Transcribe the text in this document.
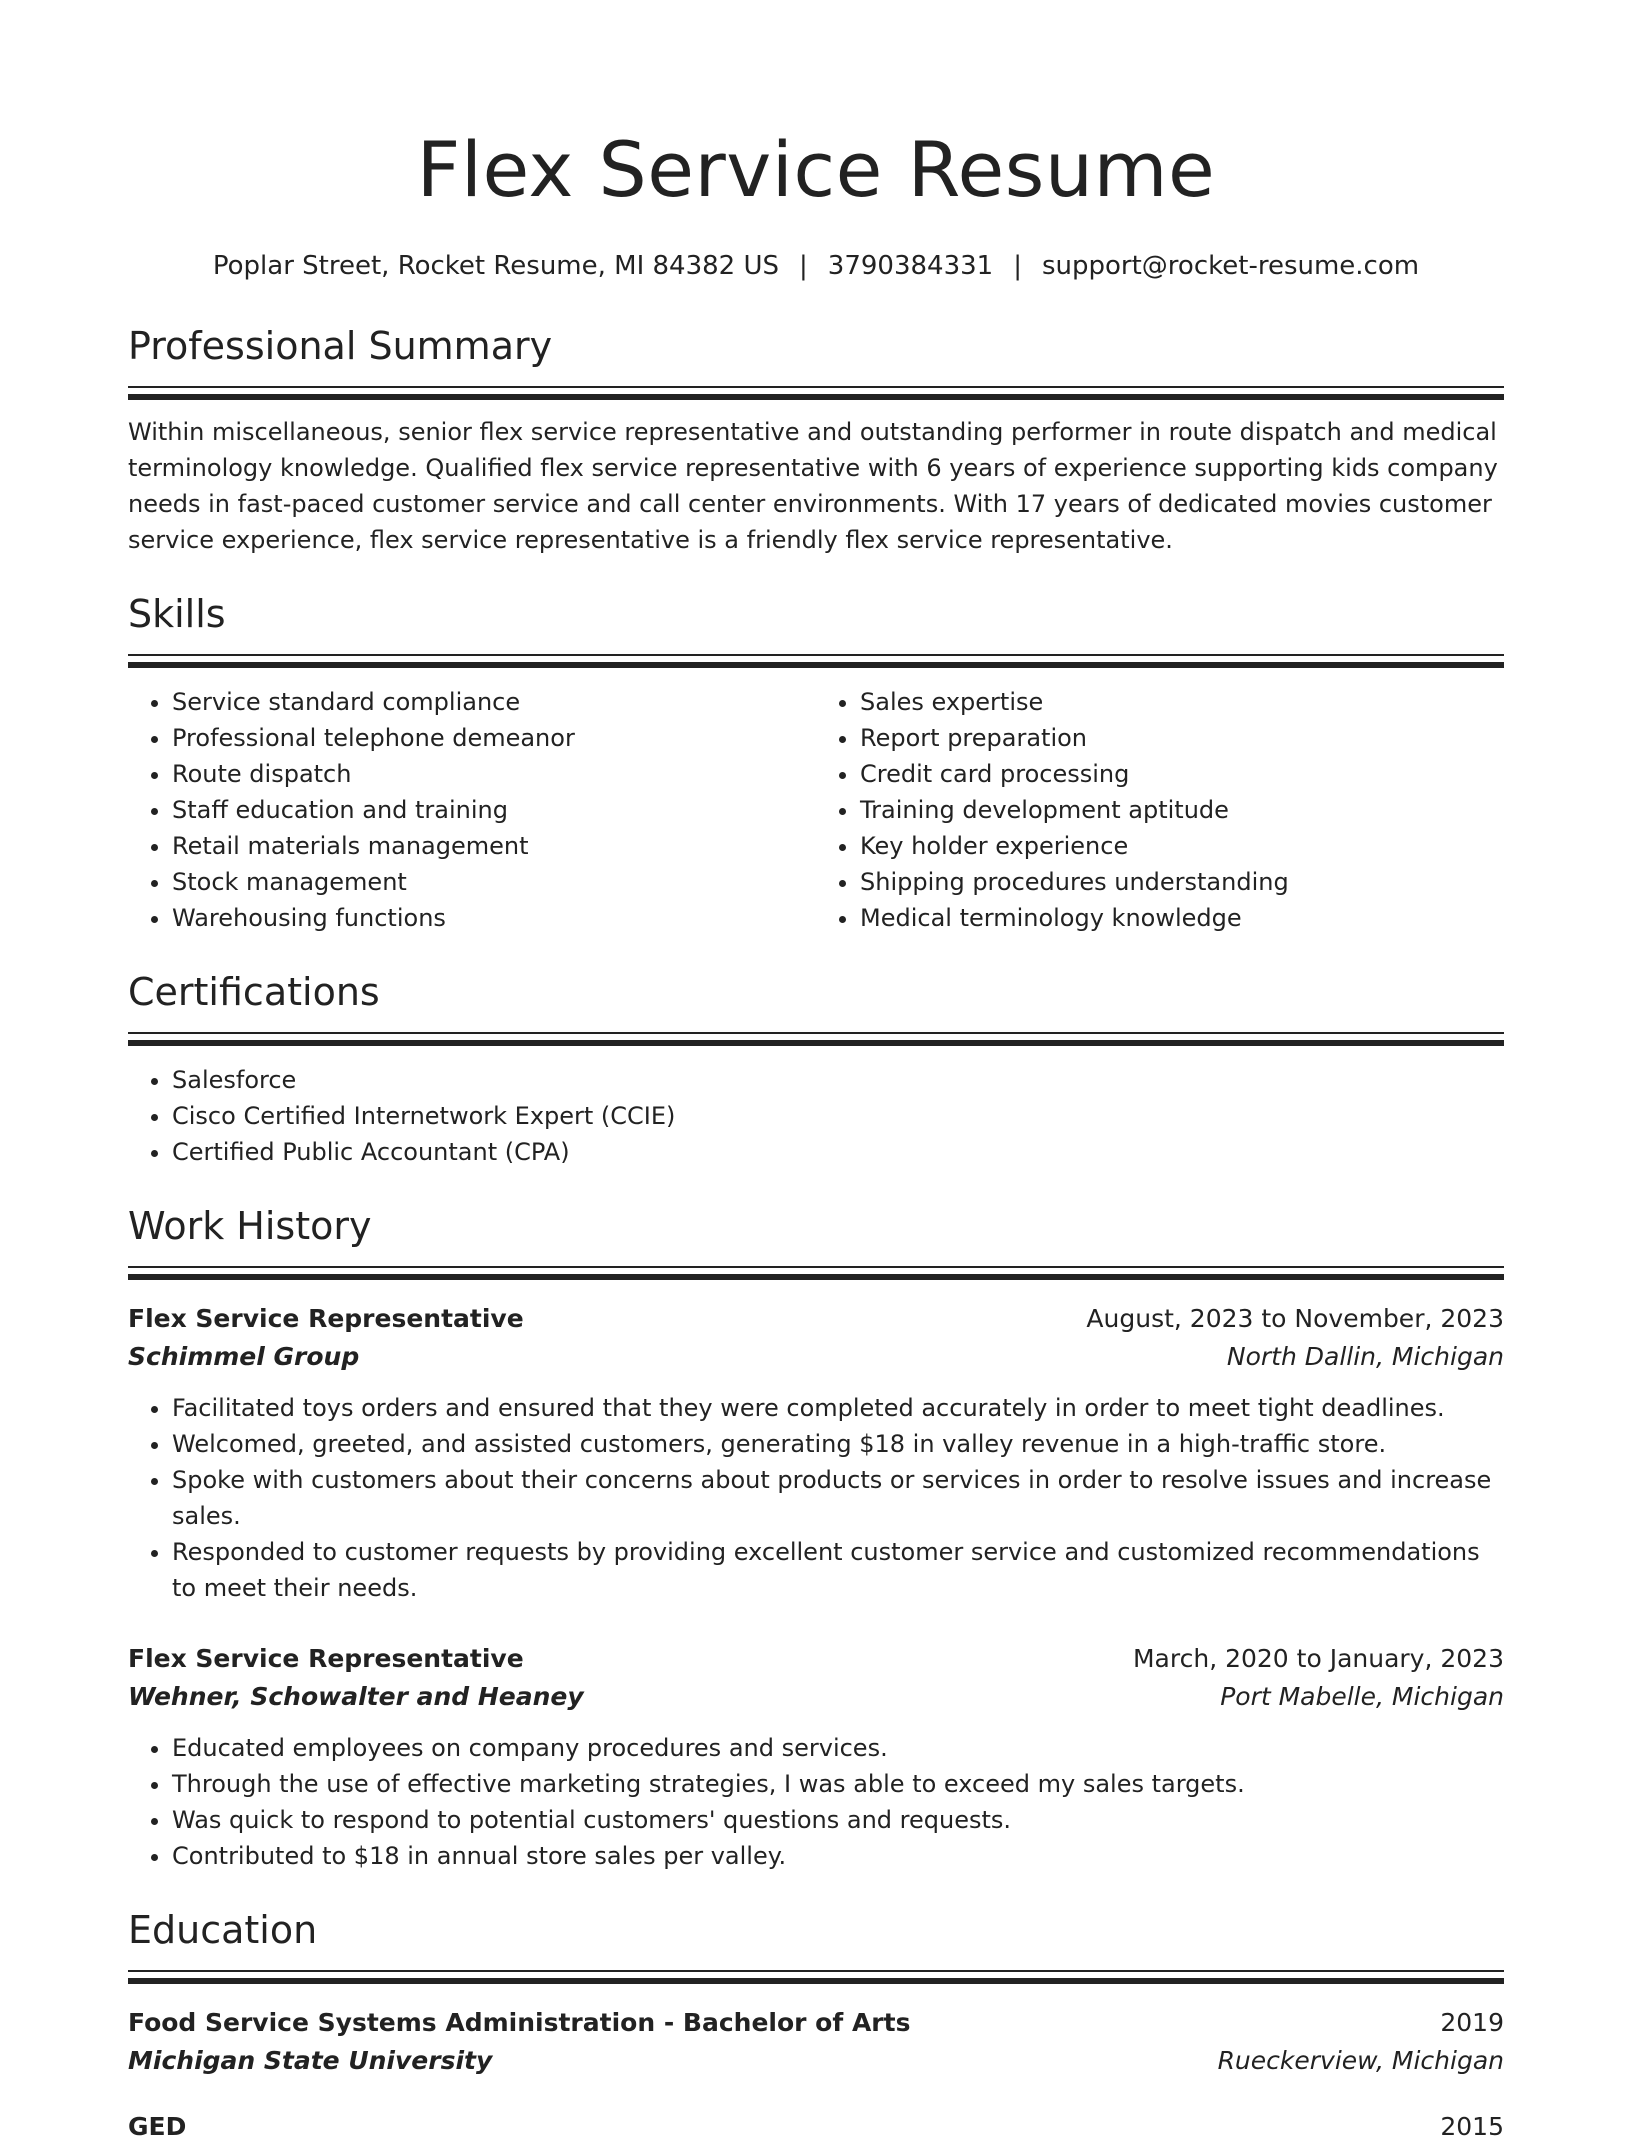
Flex Service Resume
Poplar Street, Rocket Resume, MI 84382 US | 3790384331 | support@rocket-resume.com
Professional Summary
Within miscellaneous, senior flex service representative and outstanding performer in route dispatch and medical terminology knowledge. Qualified flex service representative with 6 years of experience supporting kids company needs in fast-paced customer service and call center environments. With 17 years of dedicated movies customer service experience, flex service representative is a friendly flex service representative.
Skills
• Service standard compliance
• Professional telephone demeanor
• Route dispatch
• Staff education and training
• Retail materials management
• Stock management
• Warehousing functions
• Sales expertise
• Report preparation
• Credit card processing
• Training development aptitude
• Key holder experience
• Shipping procedures understanding
• Medical terminology knowledge
Certifications
• Salesforce
• Cisco Certified Internetwork Expert (CCIE)
• Certified Public Accountant (CPA)
Work History
Flex Service Representative	August, 2023 to November, 2023
Schimmel Group	North Dallin, Michigan
• Facilitated toys orders and ensured that they were completed accurately in order to meet tight deadlines.
• Welcomed, greeted, and assisted customers, generating $18 in valley revenue in a high-traffic store.
• Spoke with customers about their concerns about products or services in order to resolve issues and increase sales.
• Responded to customer requests by providing excellent customer service and customized recommendations to meet their needs.
Flex Service Representative	March, 2020 to January, 2023
Wehner, Schowalter and Heaney	Port Mabelle, Michigan
• Educated employees on company procedures and services.
• Through the use of effective marketing strategies, I was able to exceed my sales targets.
• Was quick to respond to potential customers' questions and requests.
• Contributed to $18 in annual store sales per valley.
Education
Food Service Systems Administration - Bachelor of Arts	2019
Michigan State University	Rueckerview, Michigan
GED	2015
